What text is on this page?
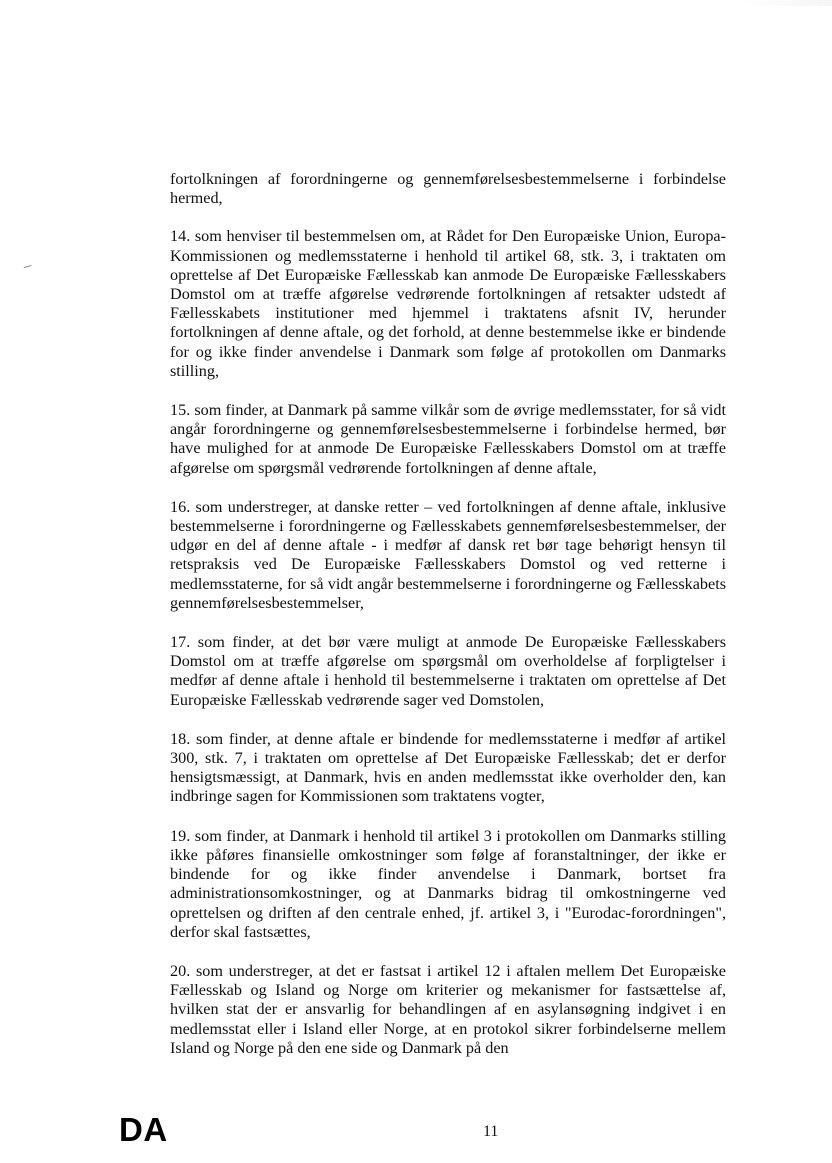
fortolkningen af forordningerne og gennemførelsesbestemmelserne i forbindelse hermed,

14. som henviser til bestemmelsen om, at Rådet for Den Europæiske Union, Europa-Kommissionen og medlemsstaterne i henhold til artikel 68, stk. 3, i traktaten om oprettelse af Det Europæiske Fællesskab kan anmode De Europæiske Fællesskabers Domstol om at træffe afgørelse vedrørende fortolkningen af retsakter udstedt af Fællesskabets institutioner med hjemmel i traktatens afsnit IV, herunder fortolkningen af denne aftale, og det forhold, at denne bestemmelse ikke er bindende for og ikke finder anvendelse i Danmark som følge af protokollen om Danmarks stilling,

15. som finder, at Danmark på samme vilkår som de øvrige medlemsstater, for så vidt angår forordningerne og gennemførelsesbestemmelserne i forbindelse hermed, bør have mulighed for at anmode De Europæiske Fællesskabers Domstol om at træffe afgørelse om spørgsmål vedrørende fortolkningen af denne aftale,

16. som understreger, at danske retter – ved fortolkningen af denne aftale, inklusive bestemmelserne i forordningerne og Fællesskabets gennemførelsesbestemmelser, der udgør en del af denne aftale - i medfør af dansk ret bør tage behørigt hensyn til retspraksis ved De Europæiske Fællesskabers Domstol og ved retterne i medlemsstaterne, for så vidt angår bestemmelserne i forordningerne og Fællesskabets gennemførelsesbestemmelser,

17. som finder, at det bør være muligt at anmode De Europæiske Fællesskabers Domstol om at træffe afgørelse om spørgsmål om overholdelse af forpligtelser i medfør af denne aftale i henhold til bestemmelserne i traktaten om oprettelse af Det Europæiske Fællesskab vedrørende sager ved Domstolen,

18. som finder, at denne aftale er bindende for medlemsstaterne i medfør af artikel 300, stk. 7, i traktaten om oprettelse af Det Europæiske Fællesskab; det er derfor hensigtsmæssigt, at Danmark, hvis en anden medlemsstat ikke overholder den, kan indbringe sagen for Kommissionen som traktatens vogter,

19. som finder, at Danmark i henhold til artikel 3 i protokollen om Danmarks stilling ikke påføres finansielle omkostninger som følge af foranstaltninger, der ikke er bindende for og ikke finder anvendelse i Danmark, bortset fra administrationsomkostninger, og at Danmarks bidrag til omkostningerne ved oprettelsen og driften af den centrale enhed, jf. artikel 3, i "Eurodac-forordningen", derfor skal fastsættes,

20. som understreger, at det er fastsat i artikel 12 i aftalen mellem Det Europæiske Fællesskab og Island og Norge om kriterier og mekanismer for fastsættelse af, hvilken stat der er ansvarlig for behandlingen af en asylansøgning indgivet i en medlemsstat eller i Island eller Norge, at en protokol sikrer forbindelserne mellem Island og Norge på den ene side og Danmark på den

DA	11
